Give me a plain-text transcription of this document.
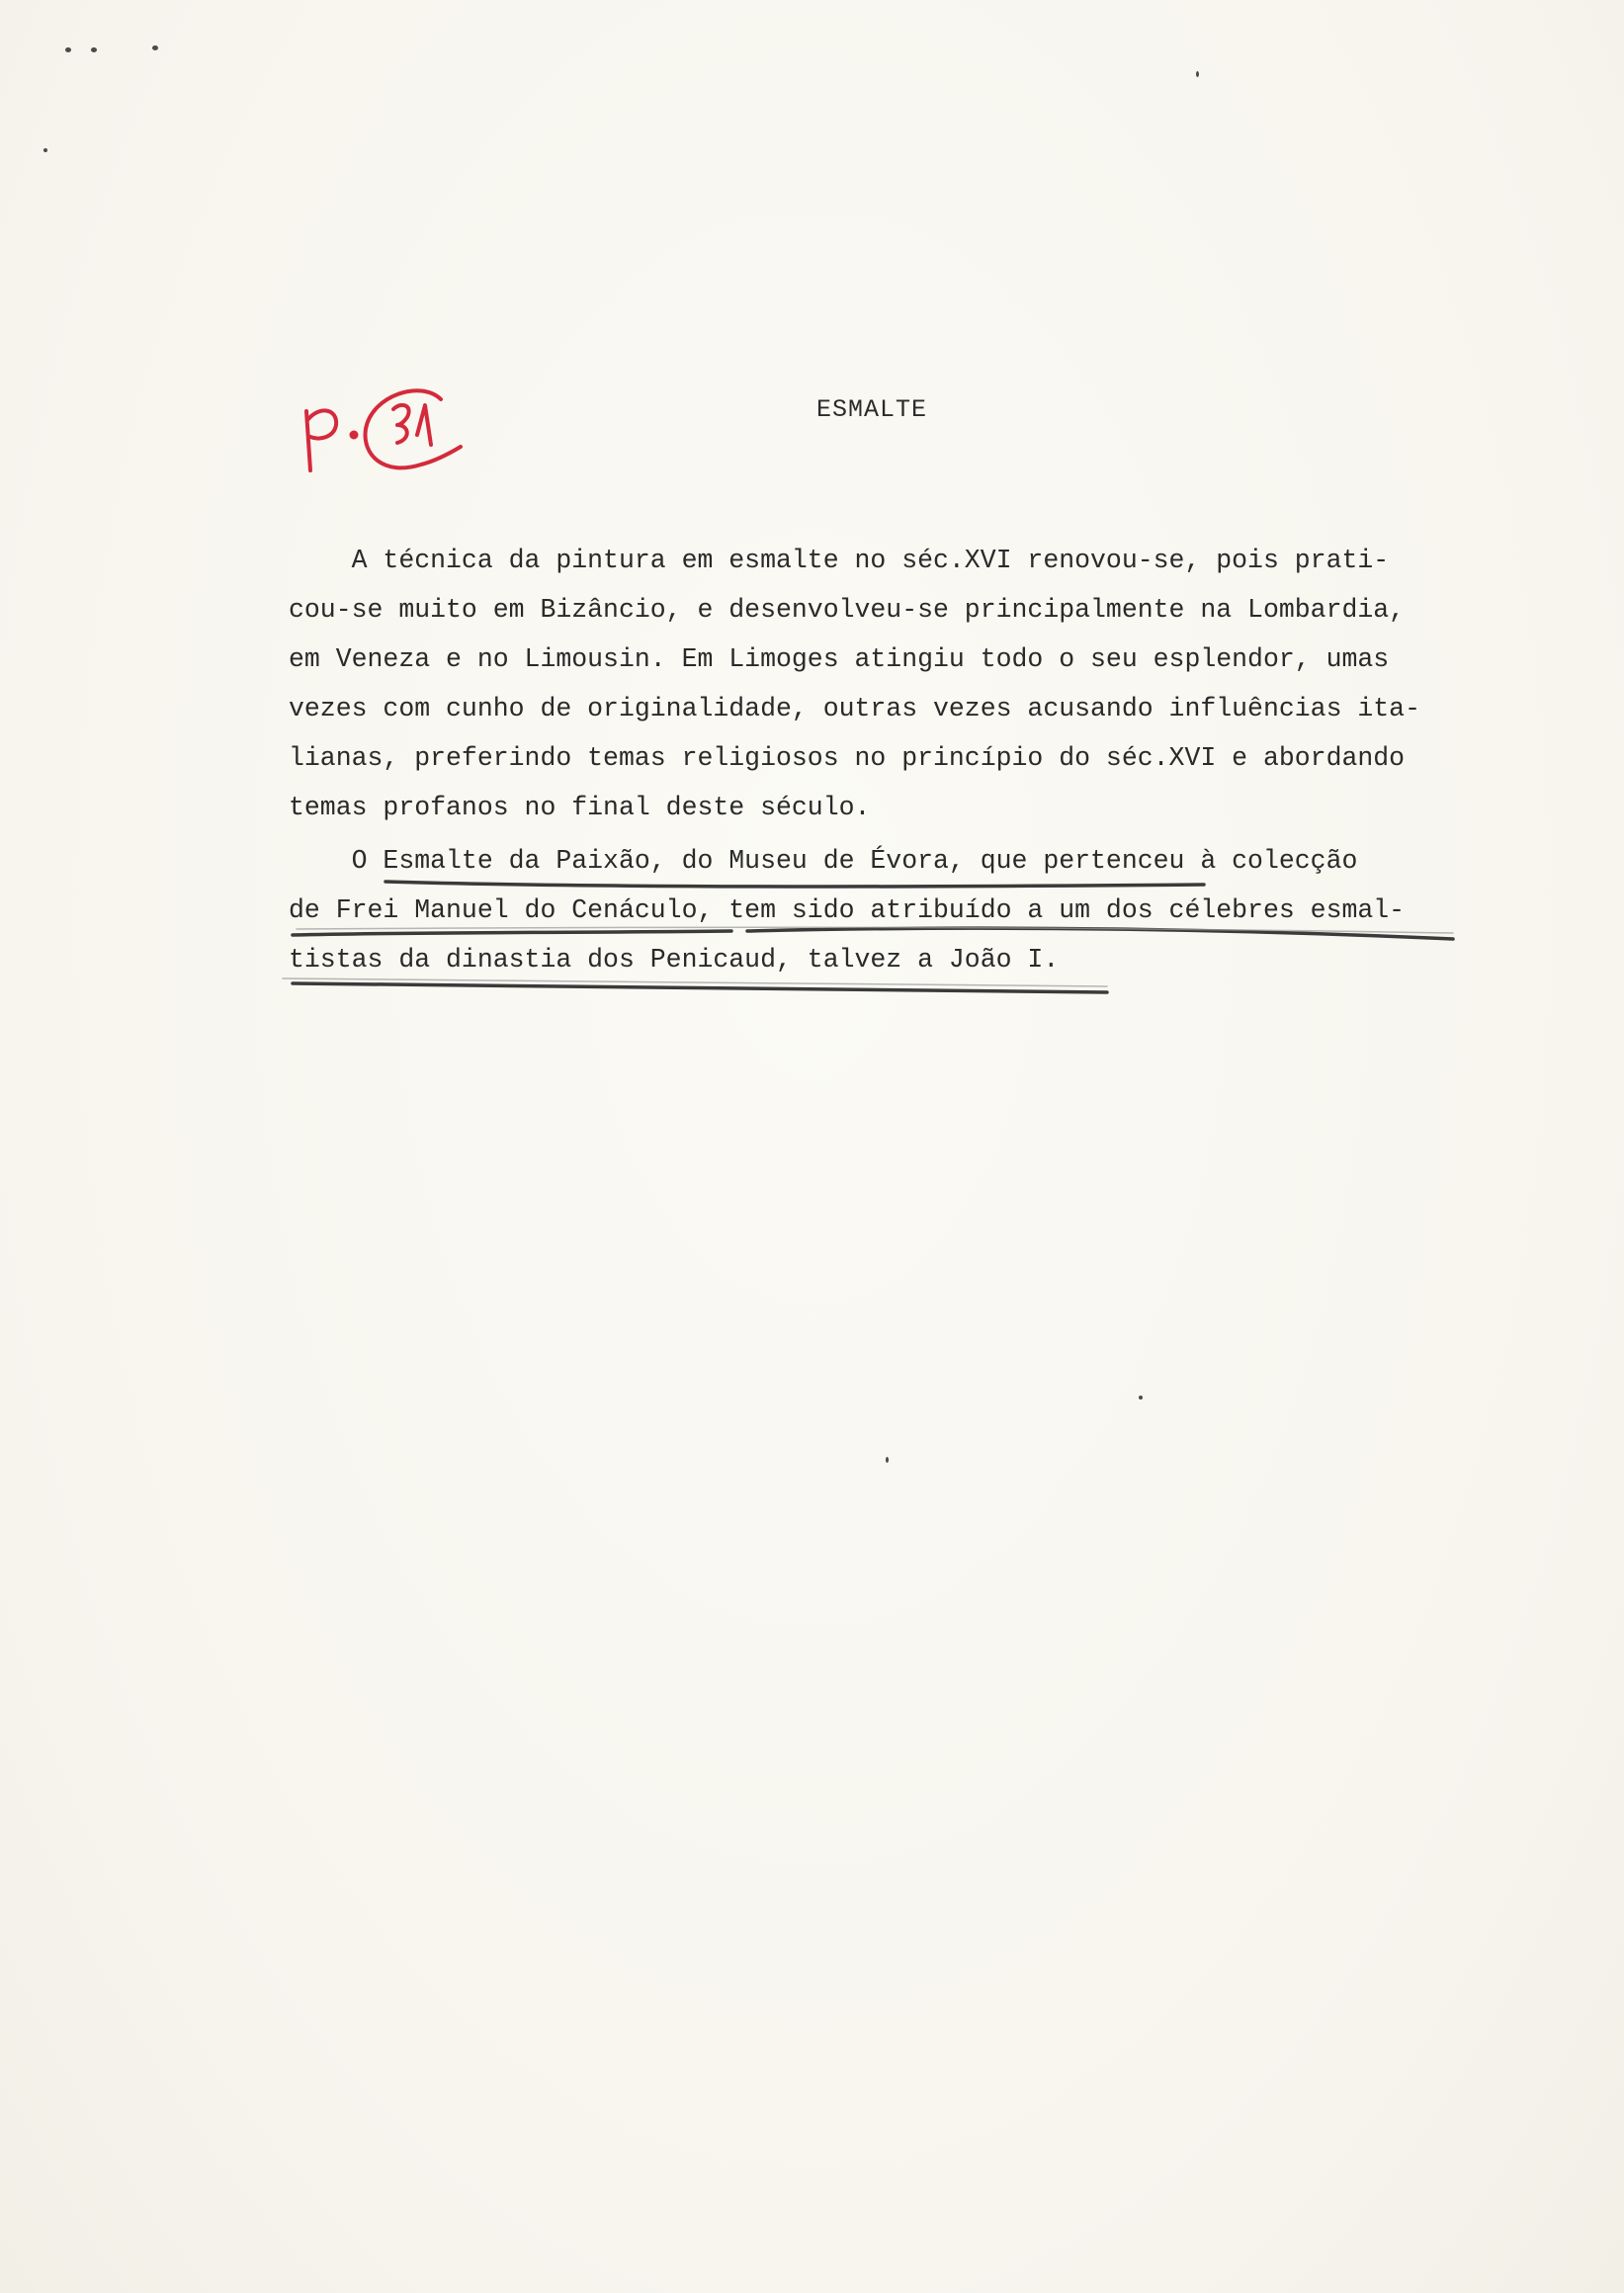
ESMALTE
A técnica da pintura em esmalte no séc.XVI renovou-se, pois prati-
cou-se muito em Bizâncio, e desenvolveu-se principalmente na Lombardia,
em Veneza e no Limousin. Em Limoges atingiu todo o seu esplendor, umas
vezes com cunho de originalidade, outras vezes acusando influências ita-
lianas, preferindo temas religiosos no princípio do séc.XVI e abordando
temas profanos no final deste século.
O Esmalte da Paixão, do Museu de Évora, que pertenceu à colecção
de Frei Manuel do Cenáculo, tem sido atribuído a um dos célebres esmal-
tistas da dinastia dos Penicaud, talvez a João I.
